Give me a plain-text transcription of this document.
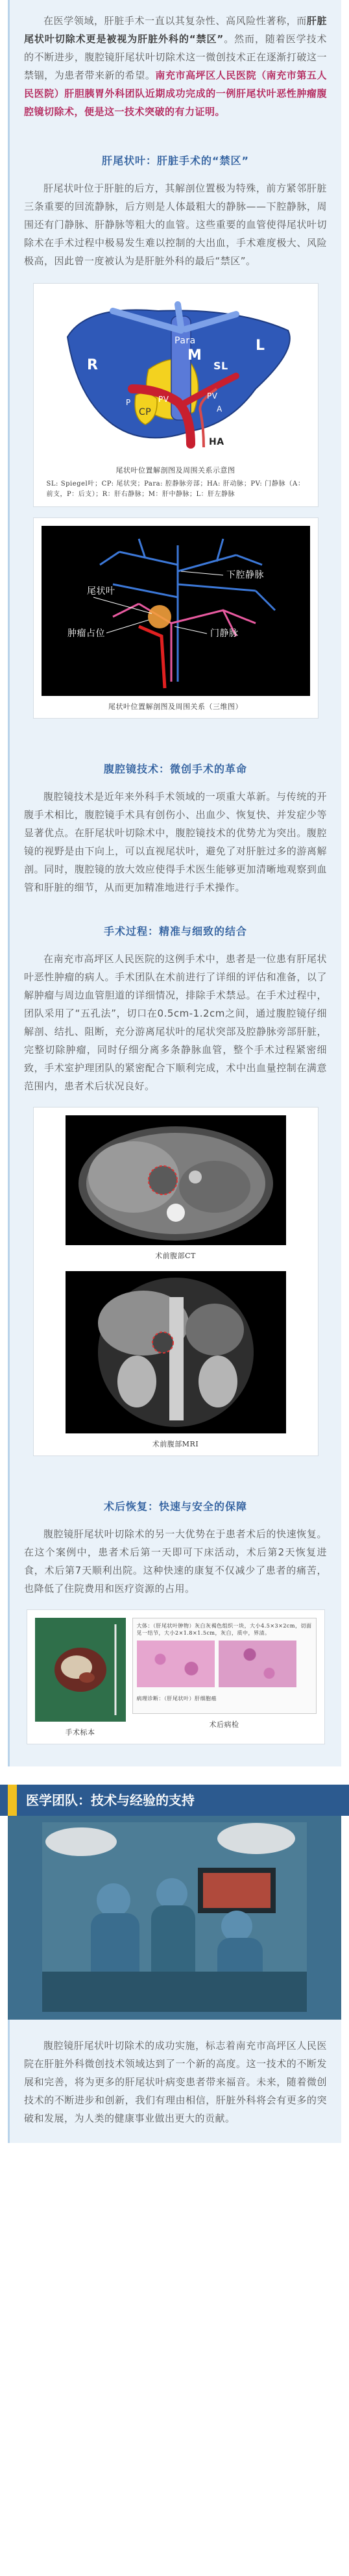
在医学领域，肝脏手术一直以其复杂性、高风险性著称，而肝脏尾状叶切除术更是被视为肝脏外科的“禁区”。然而，随着医学技术的不断进步，腹腔镜肝尾状叶切除术这一微创技术正在逐渐打破这一禁锢，为患者带来新的希望。南充市高坪区人民医院（南充市第五人民医院）肝胆胰胃外科团队近期成功完成的一例肝尾状叶恶性肿瘤腹腔镜切除术，便是这一技术突破的有力证明。

肝尾状叶：肝脏手术的“禁区”

肝尾状叶位于肝脏的后方，其解剖位置极为特殊，前方紧邻肝脏三条重要的回流静脉，后方则是人体最粗大的静脉——下腔静脉，周围还有门静脉、肝静脉等粗大的血管。这些重要的血管使得尾状叶切除术在手术过程中极易发生难以控制的大出血，手术难度极大、风险极高，因此曾一度被认为是肝脏外科的最后“禁区”。

R
M
L
Para
SL
CP
PV	PV
A
P
HA
尾状叶位置解剖图及周围关系示意图
SL: Spiegel叶；CP: 尾状突；Para: 腔静脉旁部；HA: 肝动脉；PV: 门静脉（A：前支，P：后支）；R：肝右静脉；M：肝中静脉；L：肝左静脉
尾状叶
下腔静脉
门静脉
肿瘤占位
尾状叶位置解剖图及周围关系（三维图）
腹腔镜技术：微创手术的革命

腹腔镜技术是近年来外科手术领域的一项重大革新。与传统的开腹手术相比，腹腔镜手术具有创伤小、出血少、恢复快、并发症少等显著优点。在肝尾状叶切除术中，腹腔镜技术的优势尤为突出。腹腔镜的视野是由下向上，可以直视尾状叶，避免了对肝脏过多的游离解剖。同时，腹腔镜的放大效应使得手术医生能够更加清晰地观察到血管和肝脏的细节，从而更加精准地进行手术操作。

手术过程：精准与细致的结合

在南充市高坪区人民医院的这例手术中，患者是一位患有肝尾状叶恶性肿瘤的病人。手术团队在术前进行了详细的评估和准备，以了解肿瘤与周边血管胆道的详细情况，排除手术禁忌。在手术过程中，团队采用了“五孔法”，切口在0.5cm-1.2cm之间，通过腹腔镜仔细解剖、结扎、阻断，充分游离尾状叶的尾状突部及腔静脉旁部肝脏，完整切除肿瘤，同时仔细分离多条静脉血管，整个手术过程紧密细致，手术室护理团队的紧密配合下顺利完成，术中出血量控制在满意范围内，患者术后状况良好。

术前腹部CT
术前腹部MRI
术后恢复：快速与安全的保障

腹腔镜肝尾状叶切除术的另一大优势在于患者术后的快速恢复。在这个案例中，患者术后第一天即可下床活动，术后第2天恢复进食，术后第7天顺利出院。这种快速的康复不仅减少了患者的痛苦，也降低了住院费用和医疗资源的占用。

手术标本
大体：（肝尾状叶肿物）灰白灰褐色组织一块，大小4.5×3×2cm，切面见一结节，大小2×1.8×1.5cm，灰白，质中，界清。
病理诊断：（肝尾状叶）肝细胞癌
术后病检
医学团队：技术与经验的支持

腹腔镜肝尾状叶切除术的成功实施，标志着南充市高坪区人民医院在肝脏外科微创技术领域达到了一个新的高度。这一技术的不断发展和完善，将为更多的肝尾状叶病变患者带来福音。未来，随着微创技术的不断进步和创新，我们有理由相信，肝脏外科将会有更多的突破和发展，为人类的健康事业做出更大的贡献。
